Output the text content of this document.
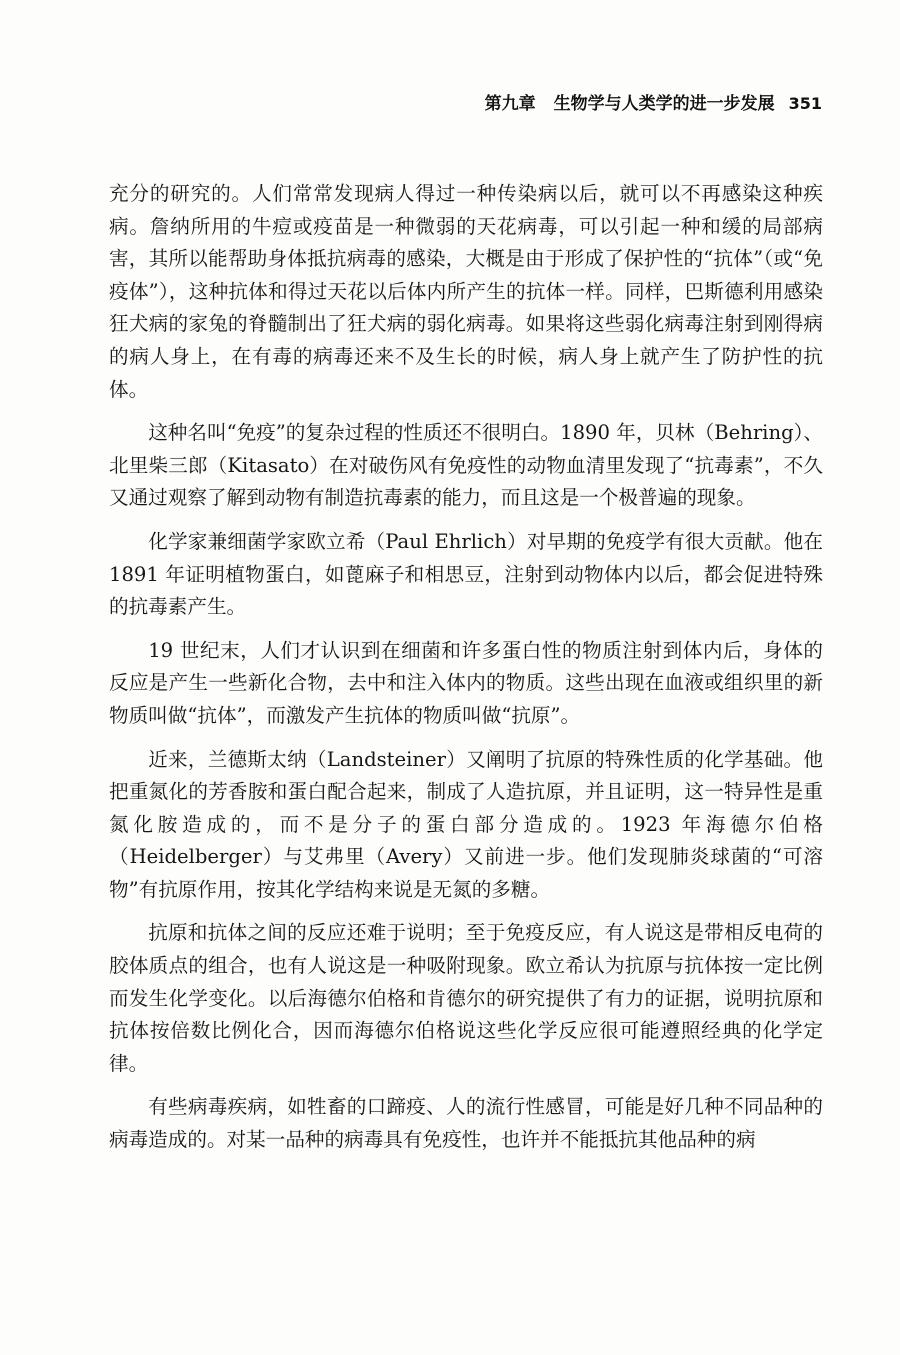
第九章 生物学与人类学的进一步发展 351

充分的研究的。人们常常发现病人得过一种传染病以后，就可以不再感染这种疾病。詹纳所用的牛痘或疫苗是一种微弱的天花病毒，可以引起一种和缓的局部病害，其所以能帮助身体抵抗病毒的感染，大概是由于形成了保护性的“抗体”（或“免疫体”），这种抗体和得过天花以后体内所产生的抗体一样。同样，巴斯德利用感染狂犬病的家兔的脊髓制出了狂犬病的弱化病毒。如果将这些弱化病毒注射到刚得病的病人身上，在有毒的病毒还来不及生长的时候，病人身上就产生了防护性的抗体。

这种名叫“免疫”的复杂过程的性质还不很明白。1890 年，贝林（Behring）、北里柴三郎（Kitasato）在对破伤风有免疫性的动物血清里发现了“抗毒素”，不久又通过观察了解到动物有制造抗毒素的能力，而且这是一个极普遍的现象。

化学家兼细菌学家欧立希（Paul Ehrlich）对早期的免疫学有很大贡献。他在 1891 年证明植物蛋白，如蓖麻子和相思豆，注射到动物体内以后，都会促进特殊的抗毒素产生。

19 世纪末，人们才认识到在细菌和许多蛋白性的物质注射到体内后，身体的反应是产生一些新化合物，去中和注入体内的物质。这些出现在血液或组织里的新物质叫做“抗体”，而激发产生抗体的物质叫做“抗原”。

近来，兰德斯太纳（Landsteiner）又阐明了抗原的特殊性质的化学基础。他把重氮化的芳香胺和蛋白配合起来，制成了人造抗原，并且证明，这一特异性是重氮化胺造成的，而不是分子的蛋白部分造成的。1923 年海德尔伯格（Heidelberger）与艾弗里（Avery）又前进一步。他们发现肺炎球菌的“可溶物”有抗原作用，按其化学结构来说是无氮的多糖。

抗原和抗体之间的反应还难于说明；至于免疫反应，有人说这是带相反电荷的胶体质点的组合，也有人说这是一种吸附现象。欧立希认为抗原与抗体按一定比例而发生化学变化。以后海德尔伯格和肯德尔的研究提供了有力的证据，说明抗原和抗体按倍数比例化合，因而海德尔伯格说这些化学反应很可能遵照经典的化学定律。

有些病毒疾病，如牲畜的口蹄疫、人的流行性感冒，可能是好几种不同品种的病毒造成的。对某一品种的病毒具有免疫性，也许并不能抵抗其他品种的病
